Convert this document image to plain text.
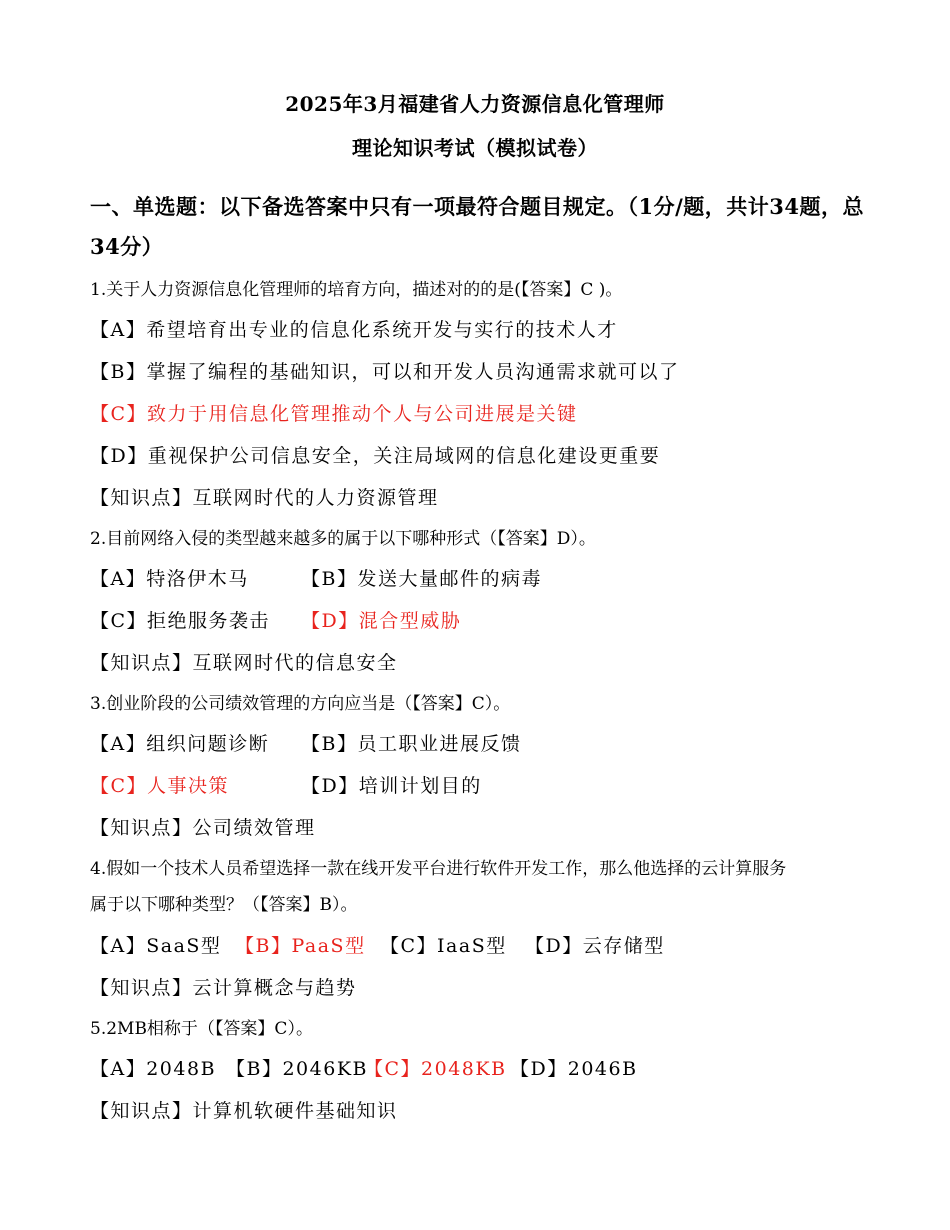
2025年3月福建省人力资源信息化管理师
理论知识考试（模拟试卷）
一、单选题：以下备选答案中只有一项最符合题目规定。（1分/题，共计34题，总34分）
1.关于人力资源信息化管理师的培育方向，描述对的的是(【答案】C )。
【A】希望培育出专业的信息化系统开发与实行的技术人才
【B】掌握了编程的基础知识，可以和开发人员沟通需求就可以了
【C】致力于用信息化管理推动个人与公司进展是关键
【D】重视保护公司信息安全，关注局域网的信息化建设更重要
【知识点】互联网时代的人力资源管理
2.目前网络入侵的类型越来越多的属于以下哪种形式（【答案】D）。
【A】特洛伊木马	【B】发送大量邮件的病毒
【C】拒绝服务袭击 【D】混合型威胁
【知识点】互联网时代的信息安全
3.创业阶段的公司绩效管理的方向应当是（【答案】C）。
【A】组织问题诊断 【B】员工职业进展反馈
【C】人事决策	【D】培训计划目的
【知识点】公司绩效管理
4.假如一个技术人员希望选择一款在线开发平台进行软件开发工作，那么他选择的云计算服务
属于以下哪种类型？（【答案】B）。
【A】SaaS型 【B】PaaS型 【C】IaaS型 【D】云存储型
【知识点】云计算概念与趋势
5.2MB相称于（【答案】C）。
【A】2048B 【B】2046KB【C】2048KB 【D】2046B
【知识点】计算机软硬件基础知识
